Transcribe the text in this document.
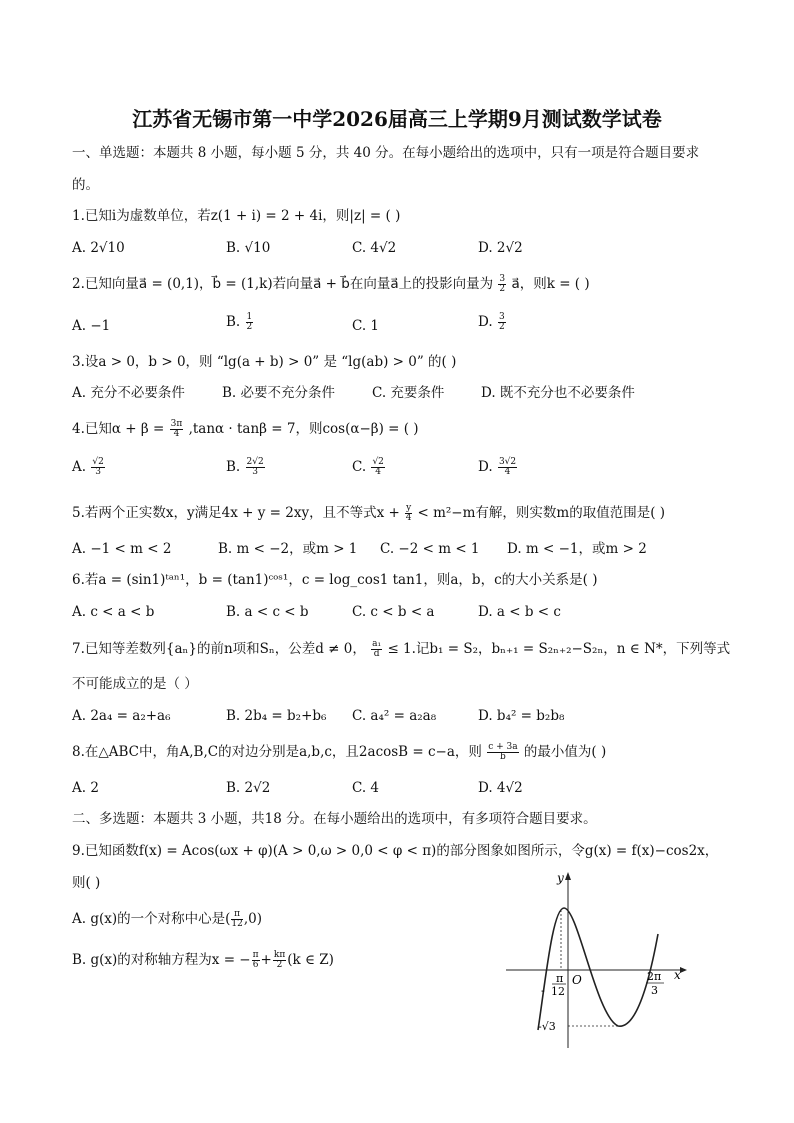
江苏省无锡市第一中学2026届高三上学期9月测试数学试卷
一、单选题：本题共 8 小题，每小题 5 分，共 40 分。在每小题给出的选项中，只有一项是符合题目要求
的。
1.已知i为虚数单位，若z(1 + i) = 2 + 4i，则|z| = ( )
A. 2√10	B. √10	C. 4√2	D. 2√2
2.已知向量a⃗ = (0,1)，b⃗ = (1,k)若向量a⃗ + b⃗在向量a⃗上的投影向量为 $\frac{3}{2}$ a⃗，则k = ( )
A. −1	B. $\frac{1}{2}$	C. 1	D. $\frac{3}{2}$
3.设a > 0，b > 0，则 “lg(a + b) > 0” 是 “lg(ab) > 0” 的( )
A. 充分不必要条件	B. 必要不充分条件	C. 充要条件	D. 既不充分也不必要条件
4.已知$\alpha + \beta = \frac{3\pi}{4} ,\tan\alpha \cdot \tan\beta = 7$，则cos(α−β) = ( )
A. $\frac{√2}{3}$	B. $\frac{2√2}{3}$	C. $\frac{√2}{4}$	D. $\frac{3√2}{4}$
5.若两个正实数x，y满足4x + y = 2xy，且不等式$x + \frac{y}{4} < m^2-m$有解，则实数m的取值范围是( )
A. −1 < m < 2	B. m < −2，或m > 1 C. −2 < m < 1 D. m < −1，或m > 2
6.若a = (sin1)ᵗᵃⁿ¹，b = (tan1)ᶜᵒˢ¹，c = log_cos1 tan1，则a，b，c的大小关系是( )
A. c < a < b	B. a < c < b	C. c < b < a	D. a < b < c
7.已知等差数列{aₙ}的前n项和Sₙ，公差d ≠ 0， $\frac{\text{a₁}}{d} \le 1$.记b₁ = S₂，bₙ₊₁ = S₂ₙ₊₂−S₂ₙ，n ∈ N*，下列等式
不可能成立的是（ ）
A. 2a₄ = a₂+a₆	B. 2b₄ = b₂+b₆ C. a₄² = a₂a₈	D. b₄² = b₂b₈
8.在△ABC中，角A,B,C的对边分别是a,b,c，且2acosB = c−a，则 $\frac{c + 3a}{b}$ 的最小值为( )
A. 2	B. 2√2	C. 4	D. 4√2
二、多选题：本题共 3 小题，共18 分。在每小题给出的选项中，有多项符合题目要求。
9.已知函数f(x) = Acos(ωx + φ)(A > 0,ω > 0,0 < φ < π)的部分图象如图所示，令g(x) = f(x)−cos2x，
则( )
A. g(x)的一个对称中心是( $\frac{\pi}{12} ,0$)
B. g(x)的对称轴方程为x = − $\frac{\pi}{6} + \frac{k\pi}{2} (k$ ∈ Z)
y
x
O
π
- 12
2π
3
-√3
